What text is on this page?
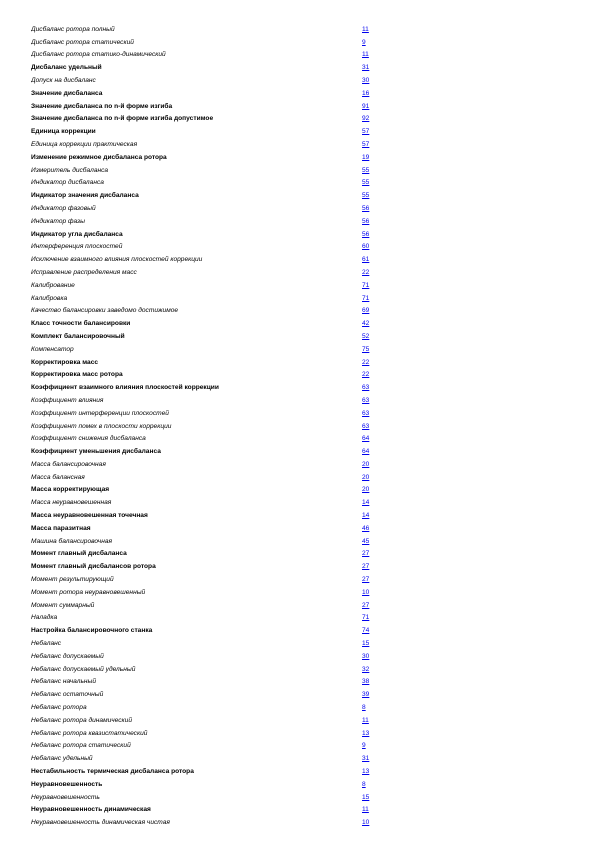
Дисбаланс ротора полный	11
Дисбаланс ротора статический	9
Дисбаланс ротора статико-динамический	11
Дисбаланс удельный	31
Допуск на дисбаланс	30
Значение дисбаланса	16
Значение дисбаланса по n-й форме изгиба	91
Значение дисбаланса по n-й форме изгиба допустимое	92
Единица коррекции	57
Единица коррекции практическая	57
Изменение режимное дисбаланса ротора	19
Измеритель дисбаланса	55
Индикатор дисбаланса	55
Индикатор значения дисбаланса	55
Индикатор фазовый	56
Индикатор фазы	56
Индикатор угла дисбаланса	56
Интерференция плоскостей	60
Исключение взаимного влияния плоскостей коррекции	61
Исправление распределения масс	22
Калибрование	71
Калибровка	71
Качество балансировки заведомо достижимое	69
Класс точности балансировки	42
Комплект балансировочный	52
Компенсатор	75
Корректировка масс	22
Корректировка масс ротора	22
Коэффициент взаимного влияния плоскостей коррекции	63
Коэффициент влияния	63
Коэффициент интерференции плоскостей	63
Коэффициент помех в плоскости коррекции	63
Коэффициент снижения дисбаланса	64
Коэффициент уменьшения дисбаланса	64
Масса балансировочная	20
Масса балансная	20
Масса корректирующая	20
Масса неуравновешенная	14
Масса неуравновешенная точечная	14
Масса паразитная	46
Машина балансировочная	45
Момент главный дисбаланса	27
Момент главный дисбалансов ротора	27
Момент результирующий	27
Момент ротора неуравновешенный	10
Момент суммарный	27
Наладка	71
Настройка балансировочного станка	74
Небаланс	15
Небаланс допускаемый	30
Небаланс допускаемый удельный	32
Небаланс начальный	38
Небаланс остаточный	39
Небаланс ротора	8
Небаланс ротора динамический	11
Небаланс ротора квазистатический	13
Небаланс ротора статический	9
Небаланс удельный	31
Нестабильность термическая дисбаланса ротора	13
Неуравновешенность	8
Неуравновешенность	15
Неуравновешенность динамическая	11
Неуравновешенность динамическая чистая	10
